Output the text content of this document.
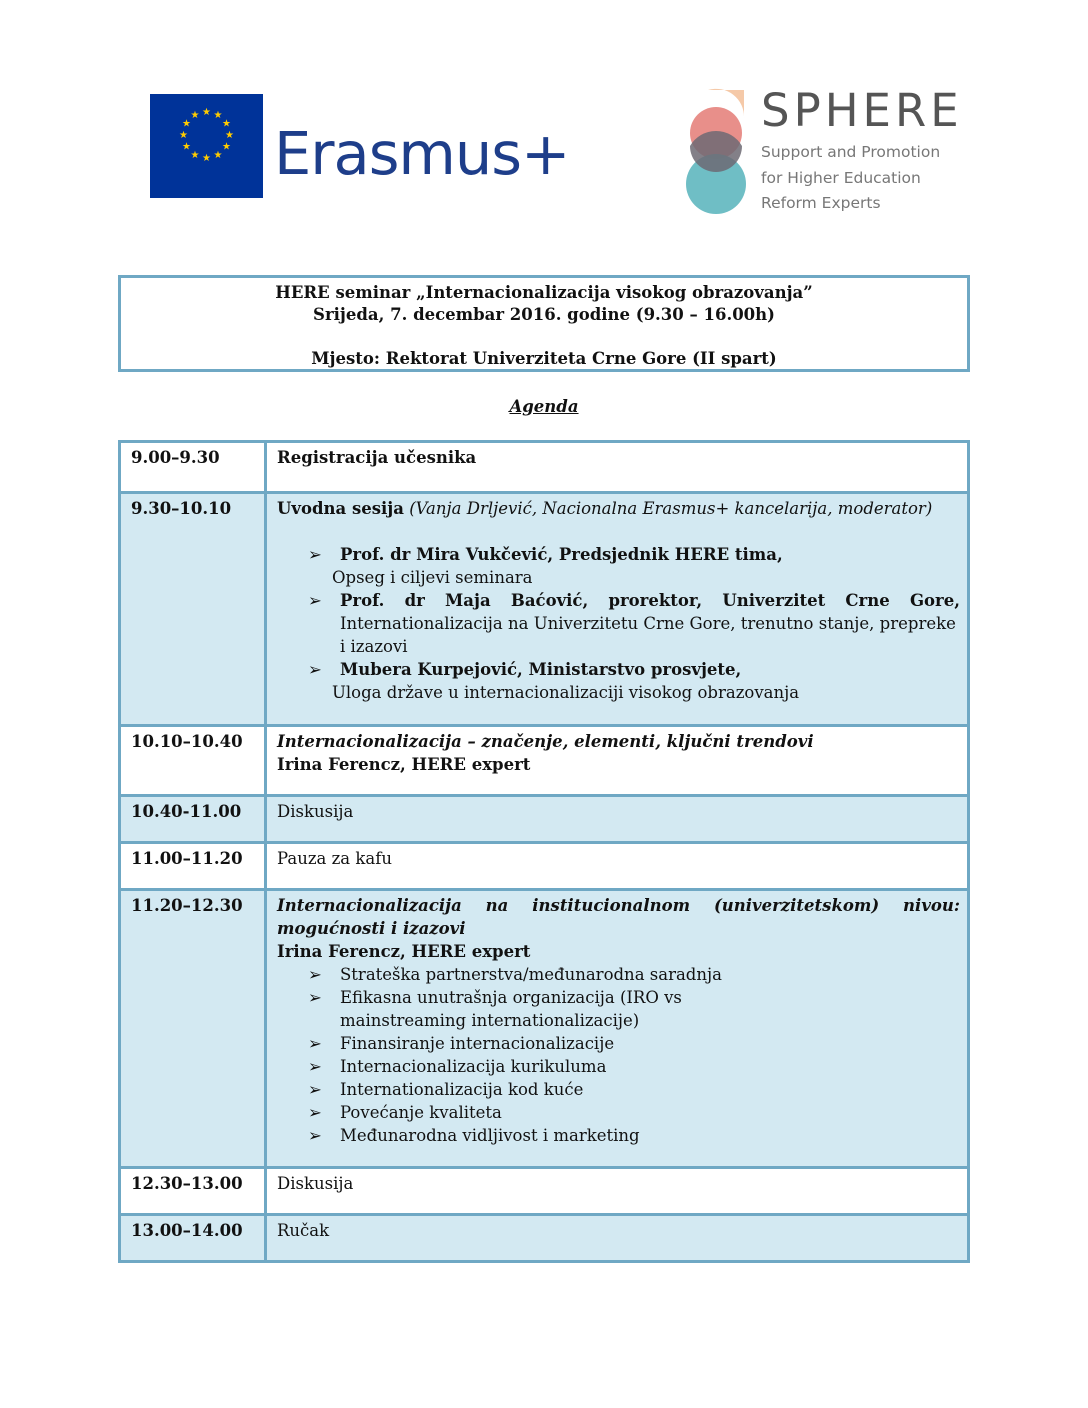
★ ★
★
★
★
★
★
★
★
★
★
★
Erasmus+
SPHERE
Support and Promotion
for Higher Education
Reform Experts
HERE seminar „Internacionalizacija visokog obrazovanja”
Srijeda, 7. decembar 2016. godine (9.30 – 16.00h)
Mjesto: Rektorat Univerziteta Crne Gore (II spart)
Agenda
9.00–9.30	Registracija učesnika
9.30–10.10	Uvodna sesija (Vanja Drljević, Nacionalna Erasmus+ kancelarija, moderator)
➢ Prof. dr Mira Vukčević, Predsjednik HERE tima,
Opseg i ciljevi seminara
➢ Prof. dr Maja Baćović, prorektor, Univerzitet Crne Gore,
Internationalizacija na Univerzitetu Crne Gore, trenutno stanje, prepreke i izazovi
➢ Mubera Kurpejović, Ministarstvo prosvjete,
Uloga države u internacionalizaciji visokog obrazovanja
10.10–10.40	Internacionalizacija – značenje, elementi, ključni trendovi
Irina Ferencz, HERE expert
10.40-11.00	Diskusija
11.00–11.20	Pauza za kafu
11.20–12.30	Internacionalizacija na institucionalnom (univerzitetskom) nivou: mogućnosti i izazovi
Irina Ferencz, HERE expert
➢ Strateška partnerstva/međunarodna saradnja
➢ Efikasna unutrašnja organizacija (IRO vs mainstreaming internationalizacije)
➢ Finansiranje internacionalizacije
➢ Internacionalizacija kurikuluma
➢ Internationalizacija kod kuće
➢ Povećanje kvaliteta
➢ Međunarodna vidljivost i marketing
12.30–13.00	Diskusija
13.00–14.00	Ručak
